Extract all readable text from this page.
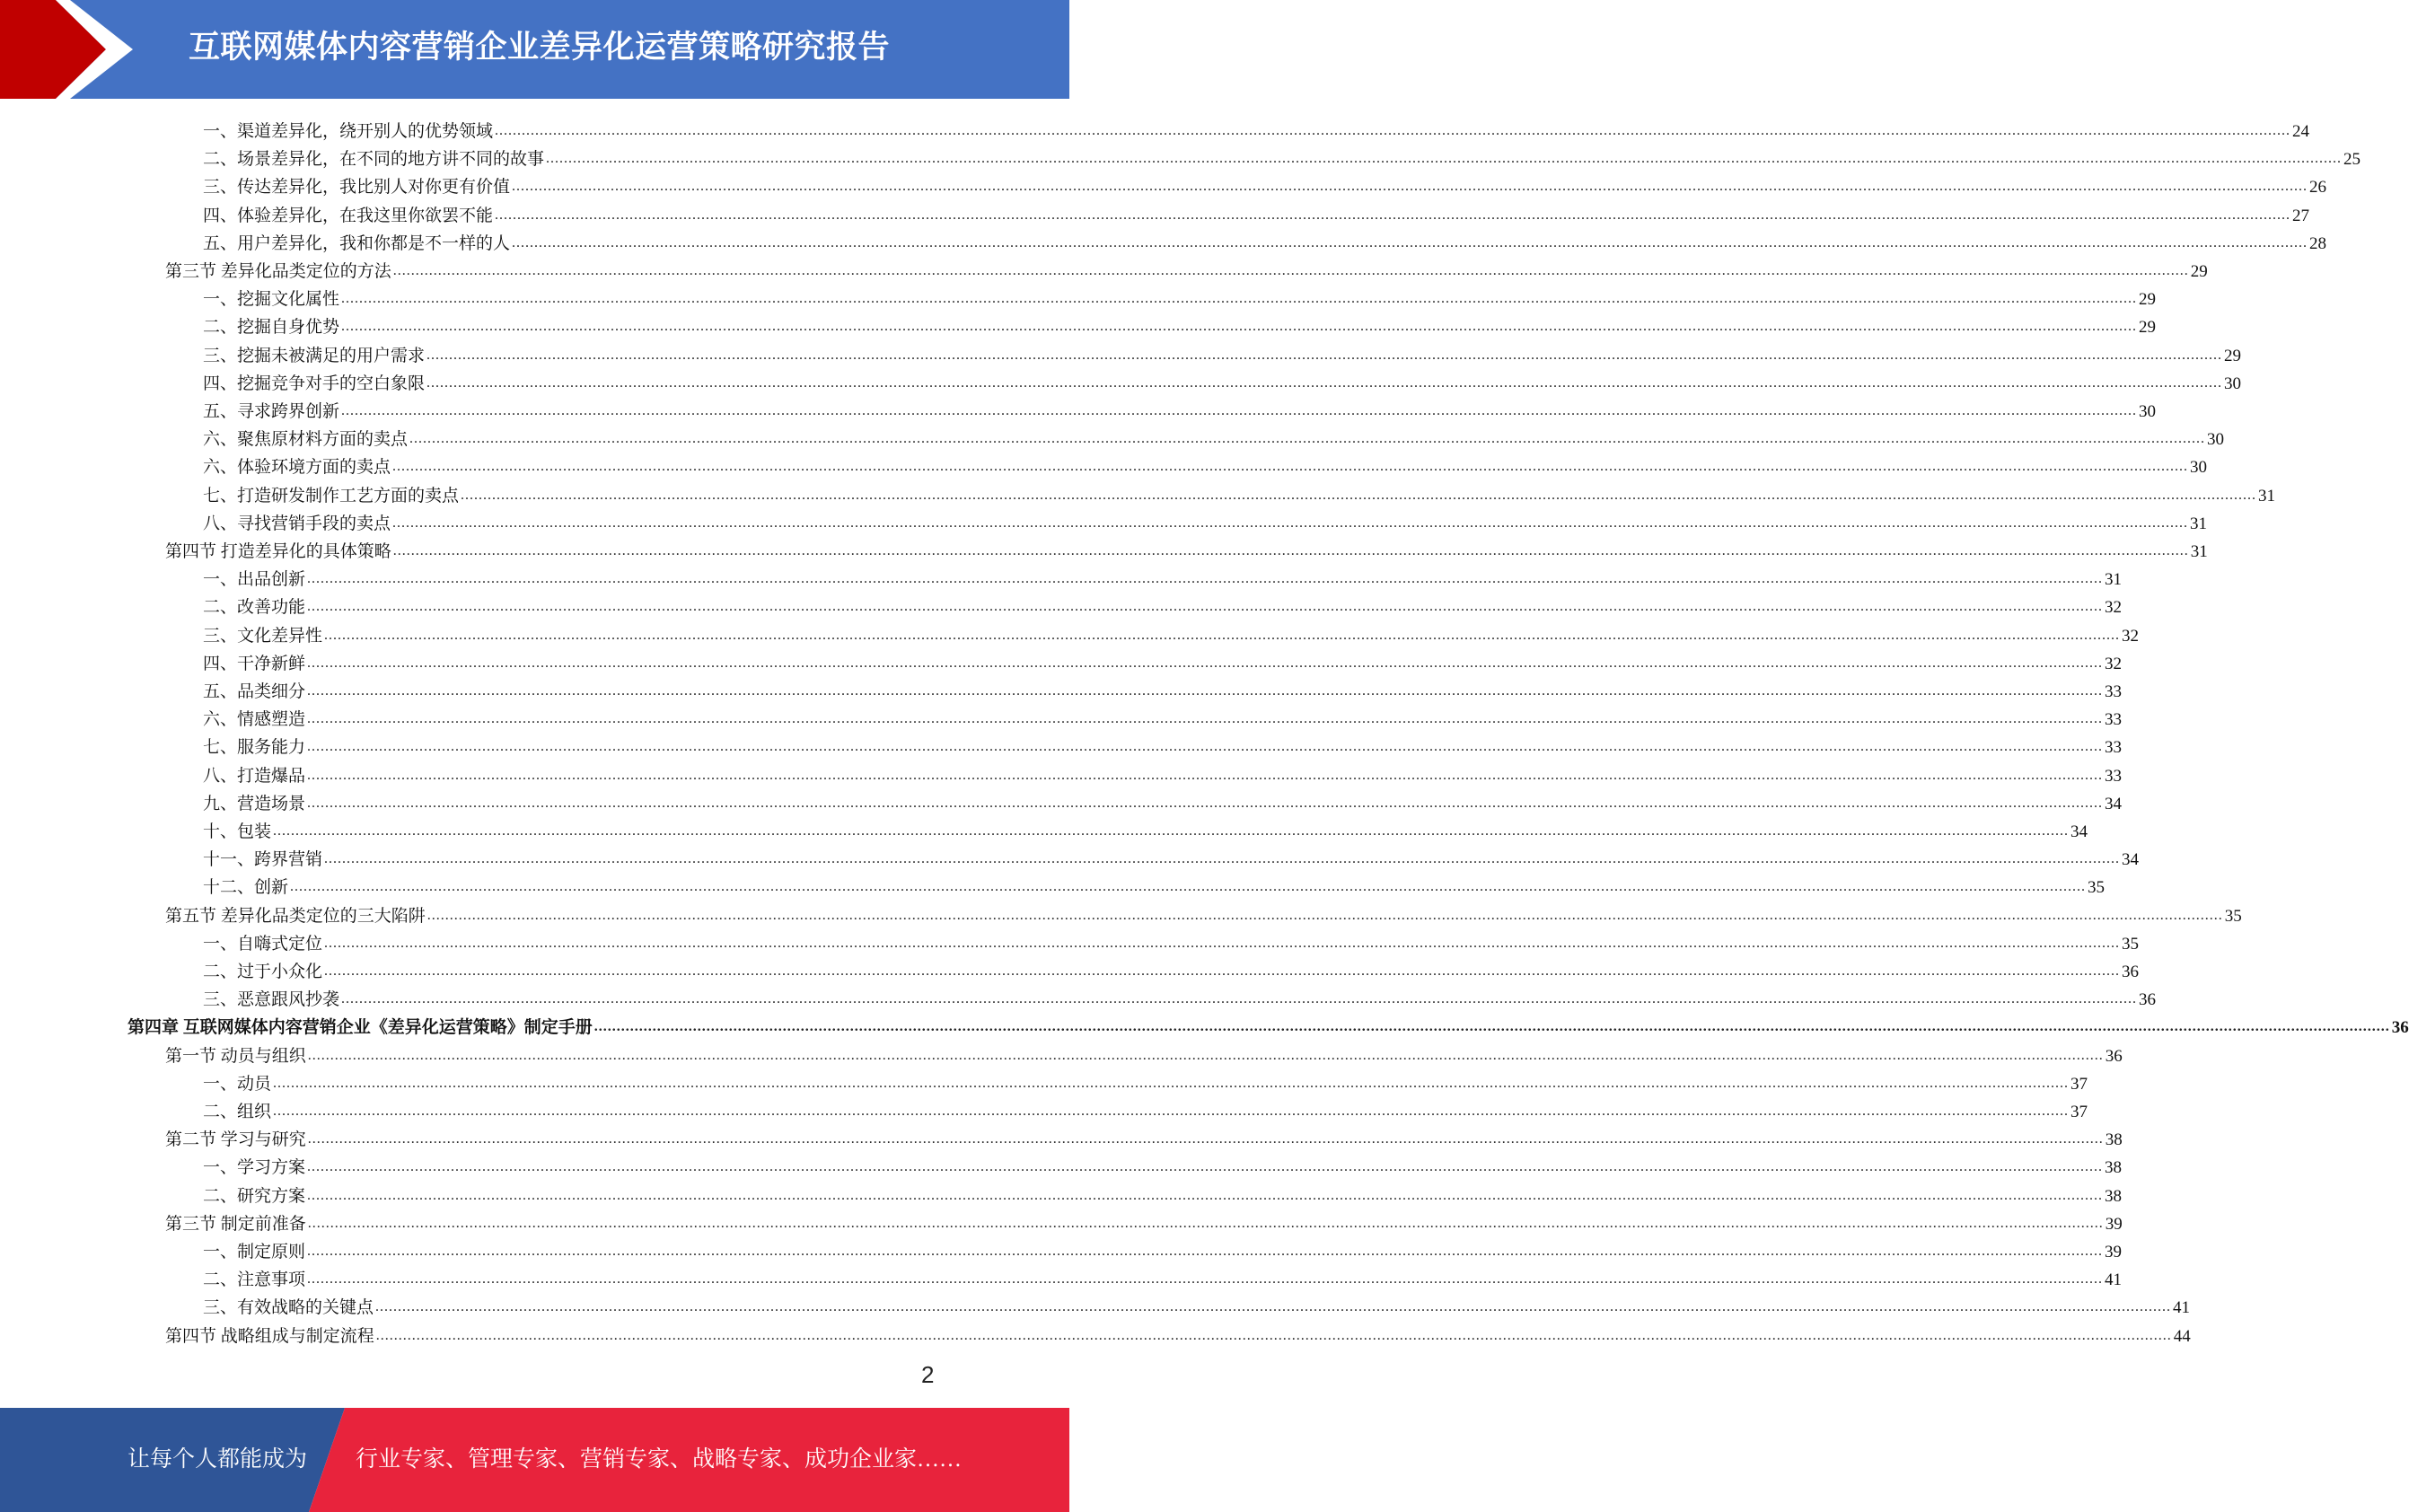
互联网媒体内容营销企业差异化运营策略研究报告
一、渠道差异化，绕开别人的优势领域 ................................................................................................................................................................................................................................................................................................................................................................................................................ 24
二、场景差异化，在不同的地方讲不同的故事 ................................................................................................................................................................................................................................................................................................................................................................................................................ 25
三、传达差异化，我比别人对你更有价值 ................................................................................................................................................................................................................................................................................................................................................................................................................ 26
四、体验差异化，在我这里你欲罢不能 ................................................................................................................................................................................................................................................................................................................................................................................................................ 27
五、用户差异化，我和你都是不一样的人 ................................................................................................................................................................................................................................................................................................................................................................................................................ 28
第三节 差异化品类定位的方法 ................................................................................................................................................................................................................................................................................................................................................................................................................ 29
一、挖掘文化属性 ................................................................................................................................................................................................................................................................................................................................................................................................................ 29
二、挖掘自身优势 ................................................................................................................................................................................................................................................................................................................................................................................................................ 29
三、挖掘未被满足的用户需求 ................................................................................................................................................................................................................................................................................................................................................................................................................ 29
四、挖掘竞争对手的空白象限 ................................................................................................................................................................................................................................................................................................................................................................................................................ 30
五、寻求跨界创新 ................................................................................................................................................................................................................................................................................................................................................................................................................ 30
六、聚焦原材料方面的卖点 ................................................................................................................................................................................................................................................................................................................................................................................................................ 30
六、体验环境方面的卖点 ................................................................................................................................................................................................................................................................................................................................................................................................................ 30
七、打造研发制作工艺方面的卖点 ................................................................................................................................................................................................................................................................................................................................................................................................................ 31
八、寻找营销手段的卖点 ................................................................................................................................................................................................................................................................................................................................................................................................................ 31
第四节 打造差异化的具体策略 ................................................................................................................................................................................................................................................................................................................................................................................................................ 31
一、出品创新 ................................................................................................................................................................................................................................................................................................................................................................................................................ 31
二、改善功能 ................................................................................................................................................................................................................................................................................................................................................................................................................ 32
三、文化差异性 ................................................................................................................................................................................................................................................................................................................................................................................................................ 32
四、干净新鲜 ................................................................................................................................................................................................................................................................................................................................................................................................................ 32
五、品类细分 ................................................................................................................................................................................................................................................................................................................................................................................................................ 33
六、情感塑造 ................................................................................................................................................................................................................................................................................................................................................................................................................ 33
七、服务能力 ................................................................................................................................................................................................................................................................................................................................................................................................................ 33
八、打造爆品 ................................................................................................................................................................................................................................................................................................................................................................................................................ 33
九、营造场景 ................................................................................................................................................................................................................................................................................................................................................................................................................ 34
十、包装 ................................................................................................................................................................................................................................................................................................................................................................................................................ 34
十一、跨界营销 ................................................................................................................................................................................................................................................................................................................................................................................................................ 34
十二、创新 ................................................................................................................................................................................................................................................................................................................................................................................................................ 35
第五节 差异化品类定位的三大陷阱 ................................................................................................................................................................................................................................................................................................................................................................................................................ 35
一、自嗨式定位 ................................................................................................................................................................................................................................................................................................................................................................................................................ 35
二、过于小众化 ................................................................................................................................................................................................................................................................................................................................................................................................................ 36
三、恶意跟风抄袭 ................................................................................................................................................................................................................................................................................................................................................................................................................ 36
第四章 互联网媒体内容营销企业《差异化运营策略》制定手册 ................................................................................................................................................................................................................................................................................................................................................................................................................ 36
第一节 动员与组织 ................................................................................................................................................................................................................................................................................................................................................................................................................ 36
一、动员 ................................................................................................................................................................................................................................................................................................................................................................................................................ 37
二、组织 ................................................................................................................................................................................................................................................................................................................................................................................................................ 37
第二节 学习与研究 ................................................................................................................................................................................................................................................................................................................................................................................................................ 38
一、学习方案 ................................................................................................................................................................................................................................................................................................................................................................................................................ 38
二、研究方案 ................................................................................................................................................................................................................................................................................................................................................................................................................ 38
第三节 制定前准备 ................................................................................................................................................................................................................................................................................................................................................................................................................ 39
一、制定原则 ................................................................................................................................................................................................................................................................................................................................................................................................................ 39
二、注意事项 ................................................................................................................................................................................................................................................................................................................................................................................................................ 41
三、有效战略的关键点 ................................................................................................................................................................................................................................................................................................................................................................................................................ 41
第四节 战略组成与制定流程 ................................................................................................................................................................................................................................................................................................................................................................................................................ 44
2
让每个人都能成为 行业专家、管理专家、营销专家、战略专家、成功企业家……
